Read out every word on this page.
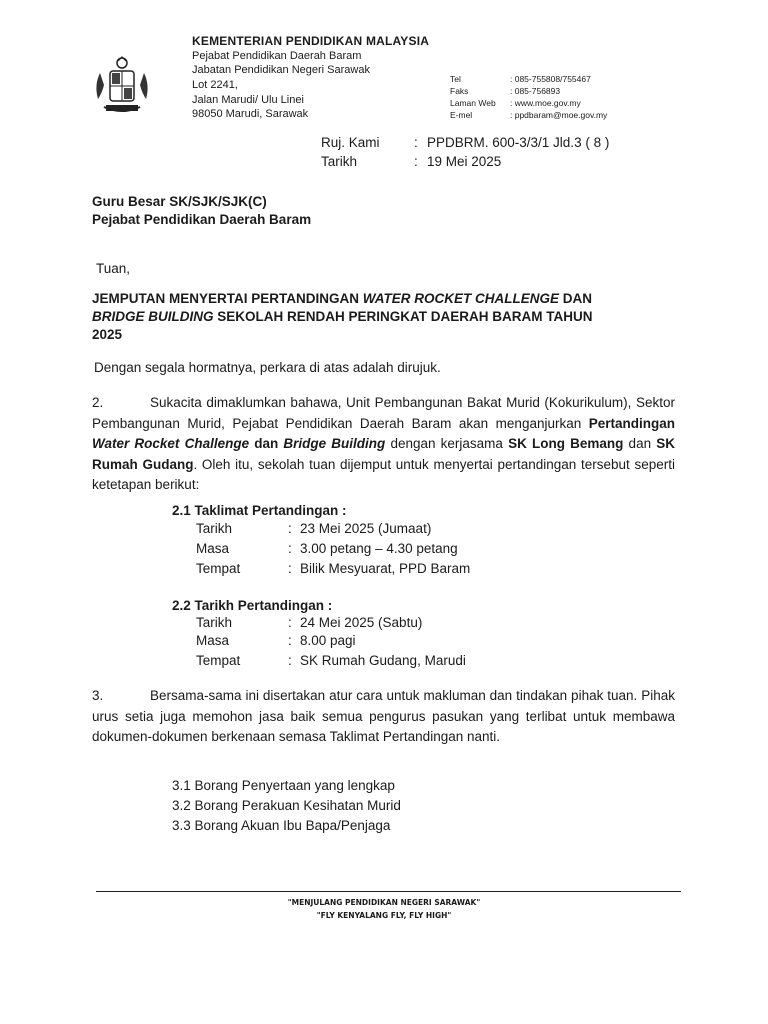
KEMENTERIAN PENDIDIKAN MALAYSIA
Pejabat Pendidikan Daerah Baram
Jabatan Pendidikan Negeri Sarawak
Lot 2241,
Jalan Marudi/ Ulu Linei
98050 Marudi, Sarawak
Tel	: 085-755808/755467
Faks	: 085-756893
Laman Web : www.moe.gov.my
E-mel	: ppdbaram@moe.gov.my
Ruj. Kami	: PPDBRM. 600-3/3/1 Jld.3 ( 8 )
Tarikh	: 19 Mei 2025
Guru Besar SK/SJK/SJK(C)
Pejabat Pendidikan Daerah Baram
Tuan,
JEMPUTAN MENYERTAI PERTANDINGAN WATER ROCKET CHALLENGE DAN
BRIDGE BUILDING SEKOLAH RENDAH PERINGKAT DAERAH BARAM TAHUN
2025
Dengan segala hormatnya, perkara di atas adalah dirujuk.
2.	Sukacita dimaklumkan bahawa, Unit Pembangunan Bakat Murid (Kokurikulum), Sektor Pembangunan Murid, Pejabat Pendidikan Daerah Baram akan menganjurkan Pertandingan Water Rocket Challenge dan Bridge Building dengan kerjasama SK Long Bemang dan SK Rumah Gudang. Oleh itu, sekolah tuan dijemput untuk menyertai pertandingan tersebut seperti ketetapan berikut:
2.1 Taklimat Pertandingan :
Tarikh	: 23 Mei 2025 (Jumaat)
Masa	: 3.00 petang – 4.30 petang
Tempat	: Bilik Mesyuarat, PPD Baram
2.2 Tarikh Pertandingan :
Tarikh	: 24 Mei 2025 (Sabtu)
Masa	: 8.00 pagi
Tempat	: SK Rumah Gudang, Marudi
3.	Bersama-sama ini disertakan atur cara untuk makluman dan tindakan pihak tuan. Pihak urus setia juga memohon jasa baik semua pengurus pasukan yang terlibat untuk membawa dokumen-dokumen berkenaan semasa Taklimat Pertandingan nanti.
3.1 Borang Penyertaan yang lengkap
3.2 Borang Perakuan Kesihatan Murid
3.3 Borang Akuan Ibu Bapa/Penjaga
"MENJULANG PENDIDIKAN NEGERI SARAWAK"
"FLY KENYALANG FLY, FLY HIGH"
